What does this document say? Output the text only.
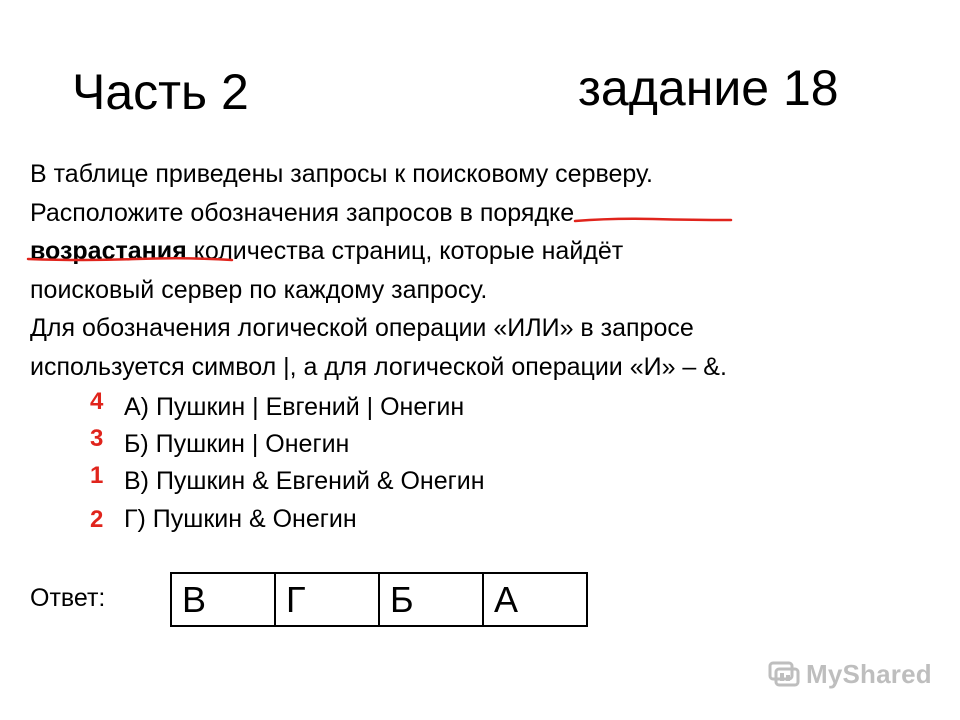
Часть 2	задание 18
В таблице приведены запросы к поисковому серверу.
Расположите обозначения запросов в порядке
возрастания количества страниц, которые найдёт
поисковый сервер по каждому запросу.
Для обозначения логической операции «ИЛИ» в запросе
используется символ |, а для логической операции «И» – &.
4 А) Пушкин | Евгений | Онегин
3 Б) Пушкин | Онегин
1 В) Пушкин & Евгений & Онегин
2 Г) Пушкин & Онегин
Ответ: В	Г	Б	А
MyShared
